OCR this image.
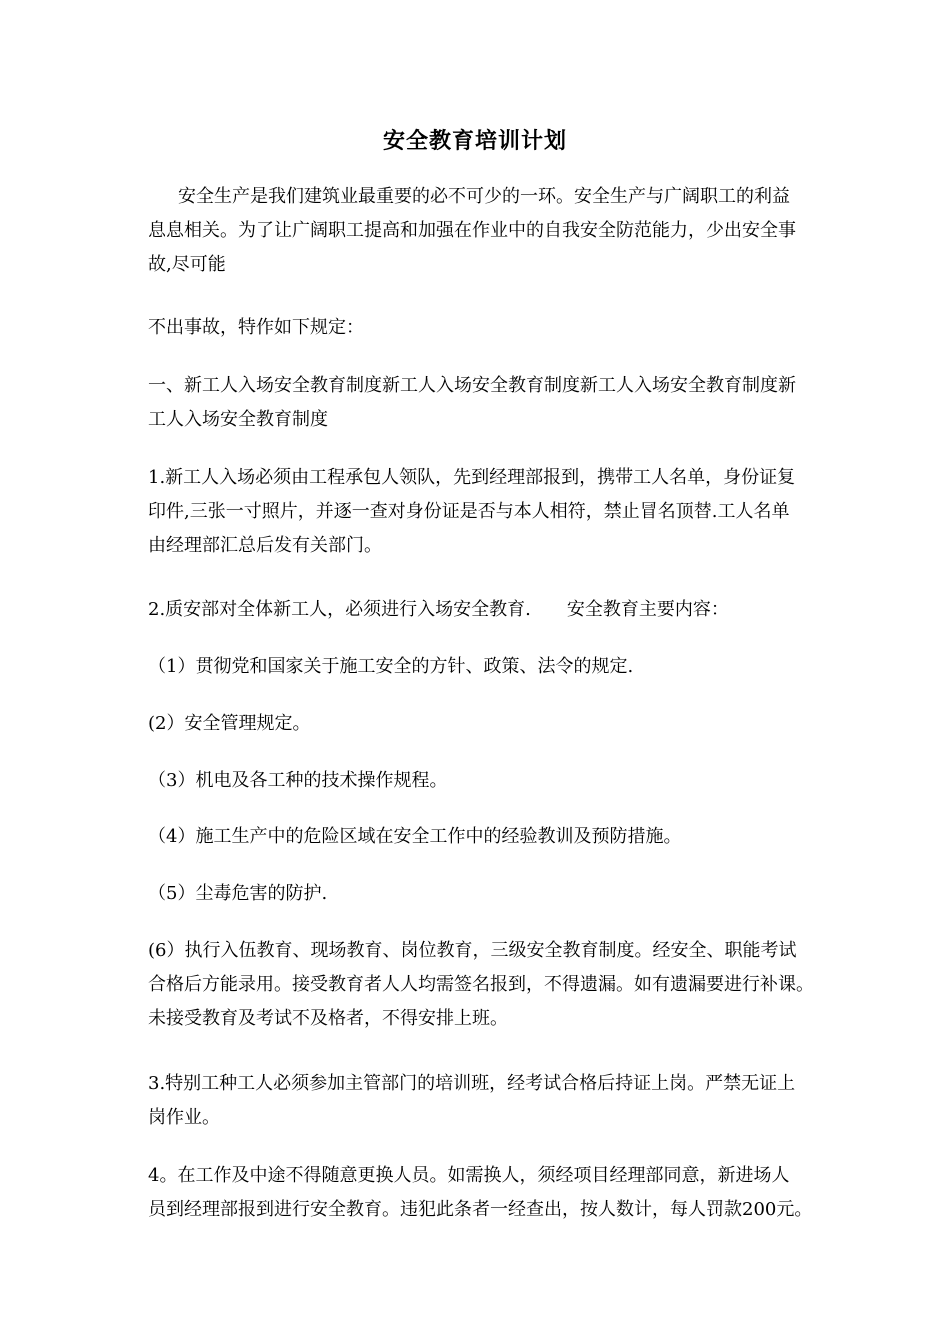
安全教育培训计划

安全生产是我们建筑业最重要的必不可少的一环。安全生产与广阔职工的利益
息息相关。为了让广阔职工提高和加强在作业中的自我安全防范能力，少出安全事
故,尽可能

不出事故，特作如下规定：

一、新工人入场安全教育制度新工人入场安全教育制度新工人入场安全教育制度新
工人入场安全教育制度

1.新工人入场必须由工程承包人领队，先到经理部报到，携带工人名单，身份证复
印件,三张一寸照片，并逐一查对身份证是否与本人相符，禁止冒名顶替.工人名单
由经理部汇总后发有关部门。

2.质安部对全体新工人，必须进行入场安全教育.　　安全教育主要内容：

（1）贯彻党和国家关于施工安全的方针、政策、法令的规定.

(2）安全管理规定。

（3）机电及各工种的技术操作规程。

（4）施工生产中的危险区域在安全工作中的经验教训及预防措施。

（5）尘毒危害的防护.

(6）执行入伍教育、现场教育、岗位教育，三级安全教育制度。经安全、职能考试
合格后方能录用。接受教育者人人均需签名报到，不得遗漏。如有遗漏要进行补课。
未接受教育及考试不及格者，不得安排上班。

3.特别工种工人必须参加主管部门的培训班，经考试合格后持证上岗。严禁无证上
岗作业。

4。在工作及中途不得随意更换人员。如需换人，须经项目经理部同意，新进场人
员到经理部报到进行安全教育。违犯此条者一经查出，按人数计，每人罚款200元。
